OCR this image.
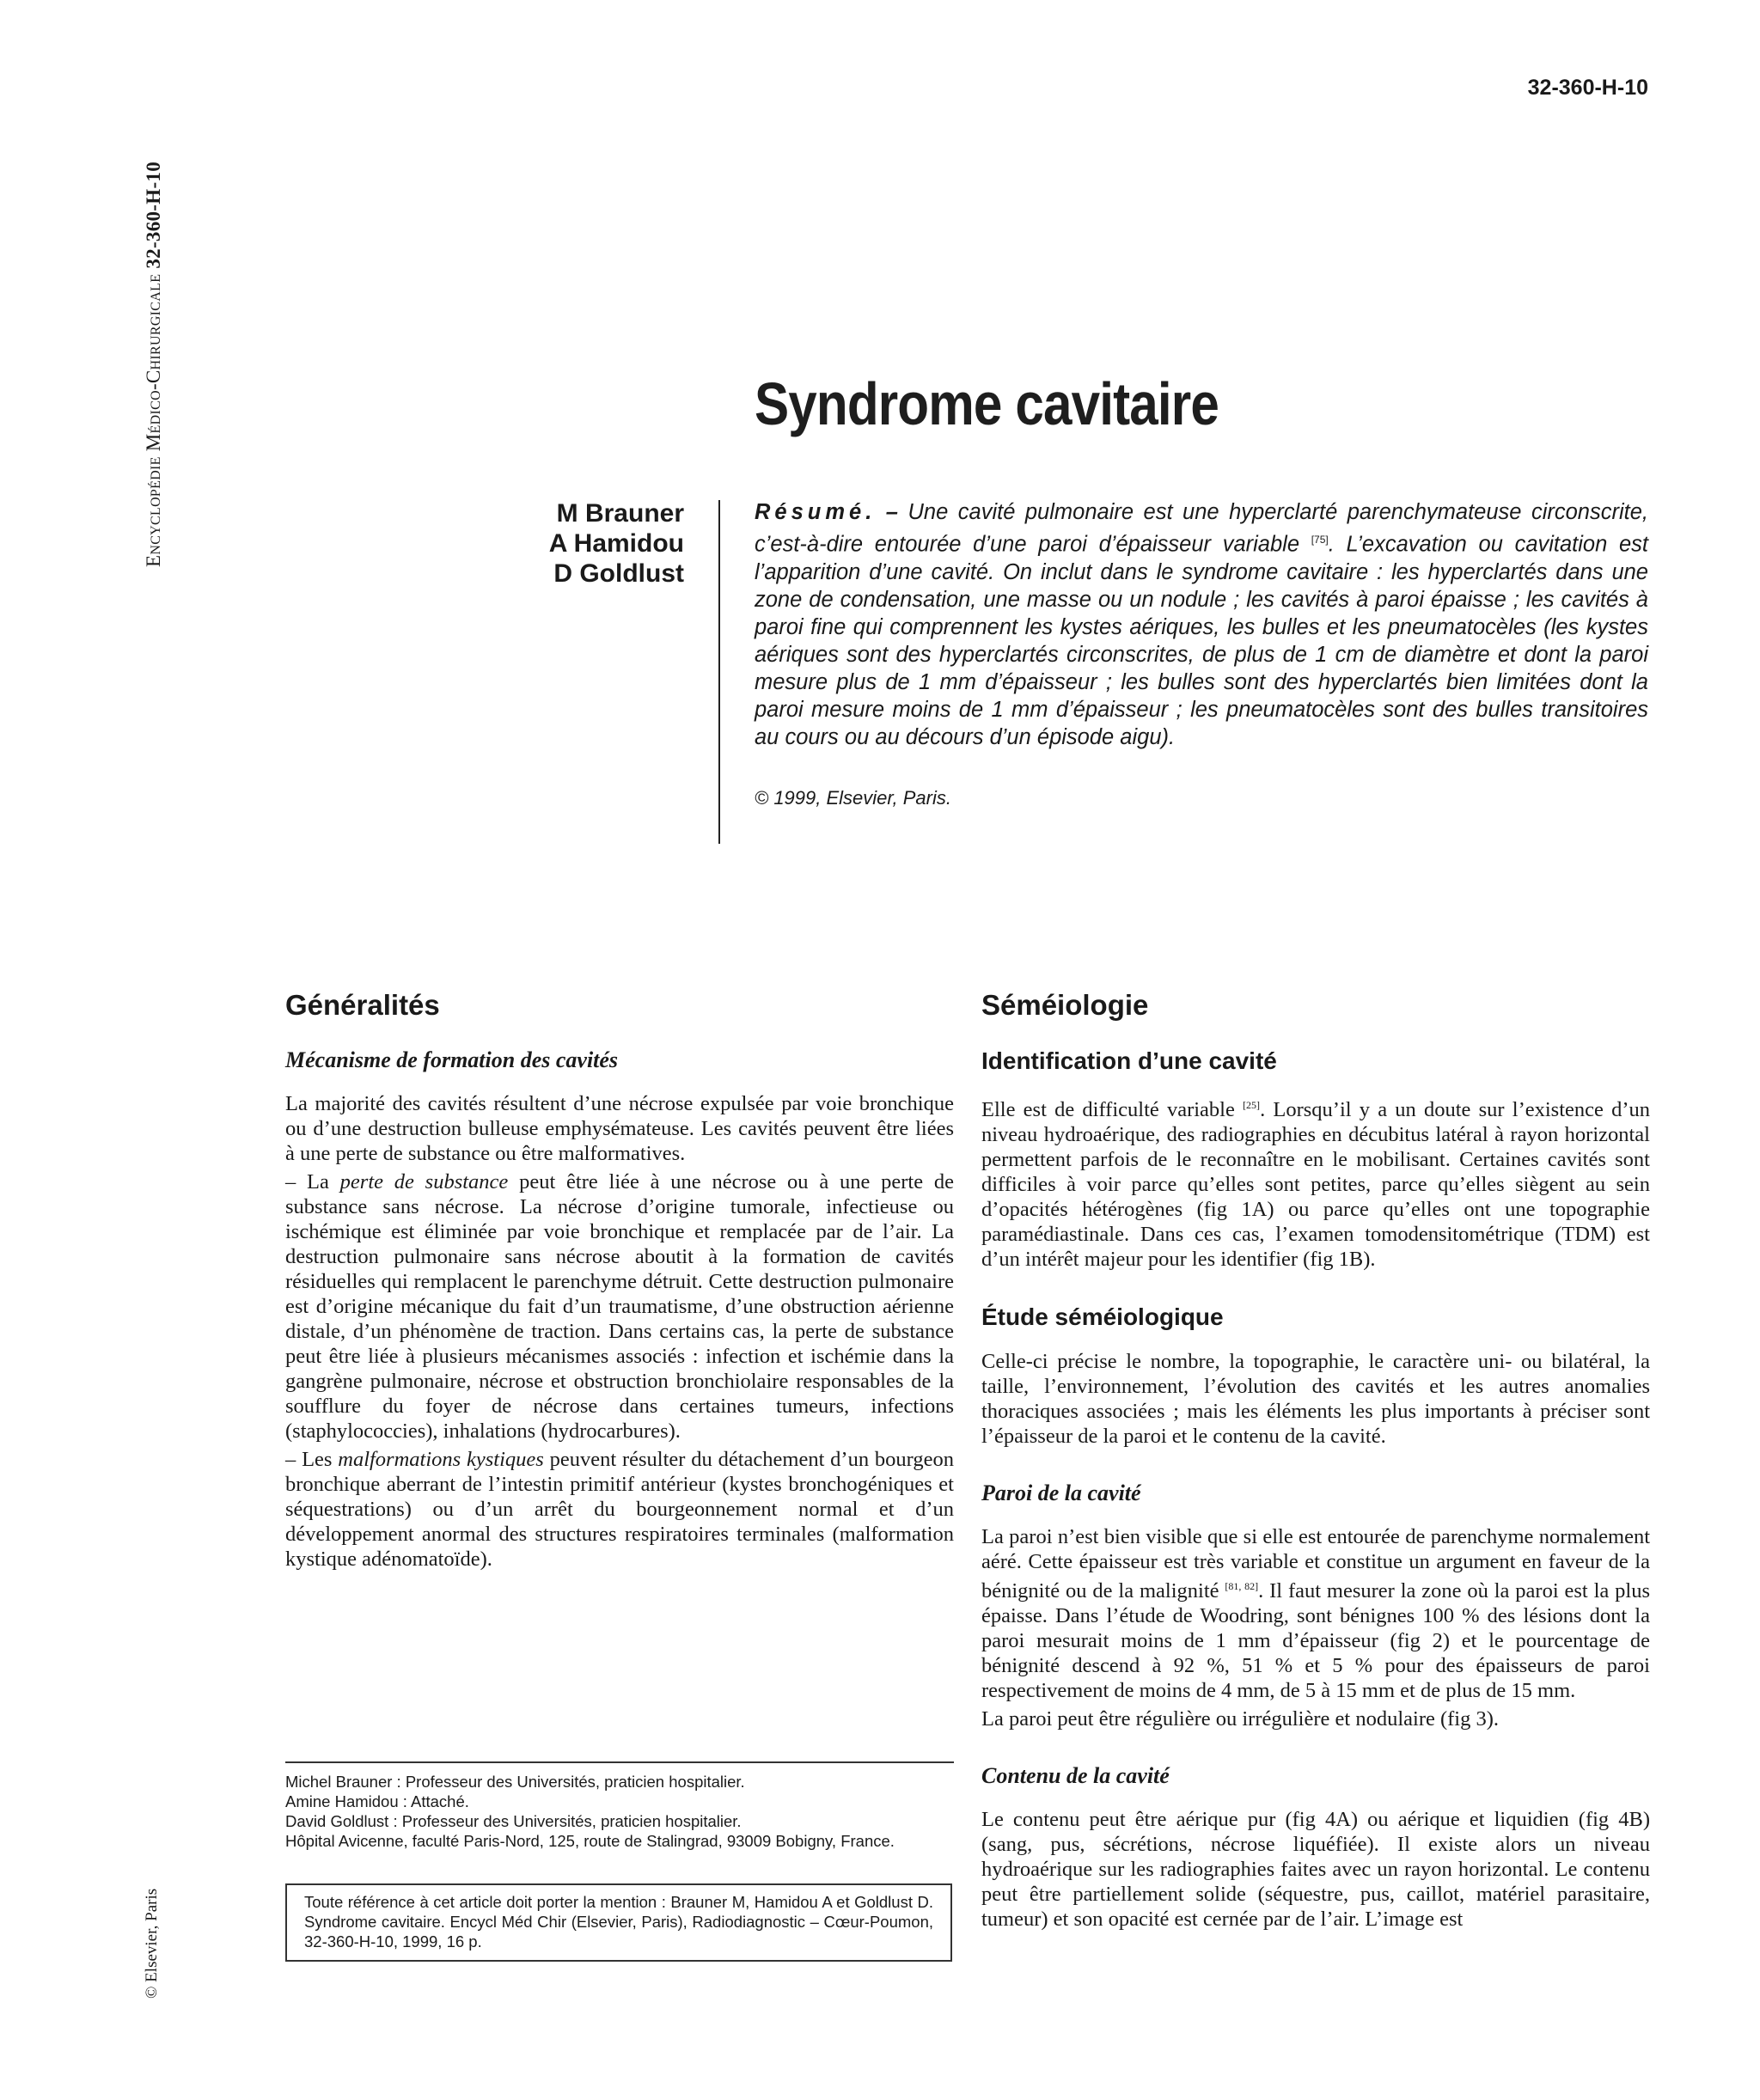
Encyclopédie Médico-Chirurgicale 32-360-H-10
© Elsevier, Paris
32-360-H-10
Syndrome cavitaire
M Brauner
A Hamidou
D Goldlust
Résumé. – Une cavité pulmonaire est une hyperclarté parenchymateuse circonscrite, c’est-à-dire entourée d’une paroi d’épaisseur variable [75]. L’excavation ou cavitation est l’apparition d’une cavité. On inclut dans le syndrome cavitaire : les hyperclartés dans une zone de condensation, une masse ou un nodule ; les cavités à paroi épaisse ; les cavités à paroi fine qui comprennent les kystes aériques, les bulles et les pneumatocèles (les kystes aériques sont des hyperclartés circonscrites, de plus de 1 cm de diamètre et dont la paroi mesure plus de 1 mm d’épaisseur ; les bulles sont des hyperclartés bien limitées dont la paroi mesure moins de 1 mm d’épaisseur ; les pneumatocèles sont des bulles transitoires au cours ou au décours d’un épisode aigu).
© 1999, Elsevier, Paris.
Généralités
Mécanisme de formation des cavités

La majorité des cavités résultent d’une nécrose expulsée par voie bronchique ou d’une destruction bulleuse emphysémateuse. Les cavités peuvent être liées à une perte de substance ou être malformatives.

– La perte de substance peut être liée à une nécrose ou à une perte de substance sans nécrose. La nécrose d’origine tumorale, infectieuse ou ischémique est éliminée par voie bronchique et remplacée par de l’air. La destruction pulmonaire sans nécrose aboutit à la formation de cavités résiduelles qui remplacent le parenchyme détruit. Cette destruction pulmonaire est d’origine mécanique du fait d’un traumatisme, d’une obstruction aérienne distale, d’un phénomène de traction. Dans certains cas, la perte de substance peut être liée à plusieurs mécanismes associés : infection et ischémie dans la gangrène pulmonaire, nécrose et obstruction bronchiolaire responsables de la soufflure du foyer de nécrose dans certaines tumeurs, infections (staphylococcies), inhalations (hydrocarbures).

– Les malformations kystiques peuvent résulter du détachement d’un bourgeon bronchique aberrant de l’intestin primitif antérieur (kystes bronchogéniques et séquestrations) ou d’un arrêt du bourgeonnement normal et d’un développement anormal des structures respiratoires terminales (malformation kystique adénomatoïde).

Michel Brauner : Professeur des Universités, praticien hospitalier.
Amine Hamidou : Attaché.
David Goldlust : Professeur des Universités, praticien hospitalier.
Hôpital Avicenne, faculté Paris-Nord, 125, route de Stalingrad, 93009 Bobigny, France.
Toute référence à cet article doit porter la mention : Brauner M, Hamidou A et Goldlust D. Syndrome cavitaire. Encycl Méd Chir (Elsevier, Paris), Radiodiagnostic – Cœur-Poumon, 32-360-H-10, 1999, 16 p.
Séméiologie
Identification d’une cavité

Elle est de difficulté variable [25]. Lorsqu’il y a un doute sur l’existence d’un niveau hydroaérique, des radiographies en décubitus latéral à rayon horizontal permettent parfois de le reconnaître en le mobilisant. Certaines cavités sont difficiles à voir parce qu’elles sont petites, parce qu’elles siègent au sein d’opacités hétérogènes (fig 1A) ou parce qu’elles ont une topographie paramédiastinale. Dans ces cas, l’examen tomodensitométrique (TDM) est d’un intérêt majeur pour les identifier (fig 1B).

Étude séméiologique

Celle-ci précise le nombre, la topographie, le caractère uni- ou bilatéral, la taille, l’environnement, l’évolution des cavités et les autres anomalies thoraciques associées ; mais les éléments les plus importants à préciser sont l’épaisseur de la paroi et le contenu de la cavité.

Paroi de la cavité

La paroi n’est bien visible que si elle est entourée de parenchyme normalement aéré. Cette épaisseur est très variable et constitue un argument en faveur de la bénignité ou de la malignité [81, 82]. Il faut mesurer la zone où la paroi est la plus épaisse. Dans l’étude de Woodring, sont bénignes 100 % des lésions dont la paroi mesurait moins de 1 mm d’épaisseur (fig 2) et le pourcentage de bénignité descend à 92 %, 51 % et 5 % pour des épaisseurs de paroi respectivement de moins de 4 mm, de 5 à 15 mm et de plus de 15 mm.

La paroi peut être régulière ou irrégulière et nodulaire (fig 3).

Contenu de la cavité

Le contenu peut être aérique pur (fig 4A) ou aérique et liquidien (fig 4B) (sang, pus, sécrétions, nécrose liquéfiée). Il existe alors un niveau hydroaérique sur les radiographies faites avec un rayon horizontal. Le contenu peut être partiellement solide (séquestre, pus, caillot, matériel parasitaire, tumeur) et son opacité est cernée par de l’air. L’image est
